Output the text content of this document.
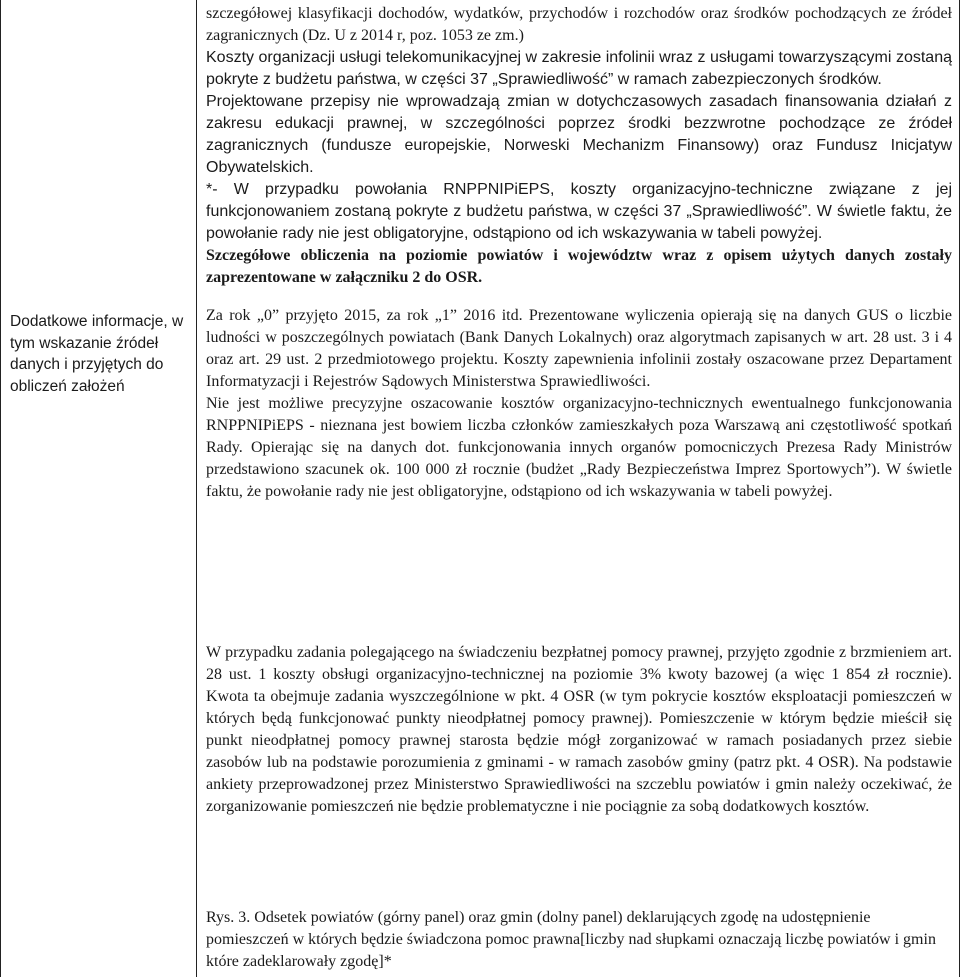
Dodatkowe informacje, w tym wskazanie źródeł danych i przyjętych do obliczeń założeń

szczegółowej klasyfikacji dochodów, wydatków, przychodów i rozchodów oraz środków pochodzących ze źródeł zagranicznych (Dz. U z 2014 r, poz. 1053 ze zm.)

Koszty organizacji usługi telekomunikacyjnej w zakresie infolinii wraz z usługami towarzyszącymi zostaną pokryte z budżetu państwa, w części 37 „Sprawiedliwość” w ramach zabezpieczonych środków.

Projektowane przepisy nie wprowadzają zmian w dotychczasowych zasadach finansowania działań z zakresu edukacji prawnej, w szczególności poprzez środki bezzwrotne pochodzące ze źródeł zagranicznych (fundusze europejskie, Norweski Mechanizm Finansowy) oraz Fundusz Inicjatyw Obywatelskich.

*- W przypadku powołania RNPPNIPiEPS, koszty organizacyjno-techniczne związane z jej funkcjonowaniem zostaną pokryte z budżetu państwa, w części 37 „Sprawiedliwość”. W świetle faktu, że powołanie rady nie jest obligatoryjne, odstąpiono od ich wskazywania w tabeli powyżej.

Szczegółowe obliczenia na poziomie powiatów i województw wraz z opisem użytych danych zostały zaprezentowane w załączniku 2 do OSR.

Za rok „0” przyjęto 2015, za rok „1” 2016 itd. Prezentowane wyliczenia opierają się na danych GUS o liczbie ludności w poszczególnych powiatach (Bank Danych Lokalnych) oraz algorytmach zapisanych w art. 28 ust. 3 i 4 oraz art. 29 ust. 2 przedmiotowego projektu. Koszty zapewnienia infolinii zostały oszacowane przez Departament Informatyzacji i Rejestrów Sądowych Ministerstwa Sprawiedliwości.

Nie jest możliwe precyzyjne oszacowanie kosztów organizacyjno-technicznych ewentualnego funkcjonowania RNPPNIPiEPS - nieznana jest bowiem liczba członków zamieszkałych poza Warszawą ani częstotliwość spotkań Rady. Opierając się na danych dot. funkcjonowania innych organów pomocniczych Prezesa Rady Ministrów przedstawiono szacunek ok. 100 000 zł rocznie (budżet „Rady Bezpieczeństwa Imprez Sportowych”). W świetle faktu, że powołanie rady nie jest obligatoryjne, odstąpiono od ich wskazywania w tabeli powyżej.

W przypadku zadania polegającego na świadczeniu bezpłatnej pomocy prawnej, przyjęto zgodnie z brzmieniem art. 28 ust. 1 koszty obsługi organizacyjno-technicznej na poziomie 3% kwoty bazowej (a więc 1 854 zł rocznie). Kwota ta obejmuje zadania wyszczególnione w pkt. 4 OSR (w tym pokrycie kosztów eksploatacji pomieszczeń w których będą funkcjonować punkty nieodpłatnej pomocy prawnej). Pomieszczenie w którym będzie mieścił się punkt nieodpłatnej pomocy prawnej starosta będzie mógł zorganizować w ramach posiadanych przez siebie zasobów lub na podstawie porozumienia z gminami - w ramach zasobów gminy (patrz pkt. 4 OSR). Na podstawie ankiety przeprowadzonej przez Ministerstwo Sprawiedliwości na szczeblu powiatów i gmin należy oczekiwać, że zorganizowanie pomieszczeń nie będzie problematyczne i nie pociągnie za sobą dodatkowych kosztów.

Rys. 3. Odsetek powiatów (górny panel) oraz gmin (dolny panel) deklarujących zgodę na udostępnienie pomieszczeń w których będzie świadczona pomoc prawna[liczby nad słupkami oznaczają liczbę powiatów i gmin które zadeklarowały zgodę]*
